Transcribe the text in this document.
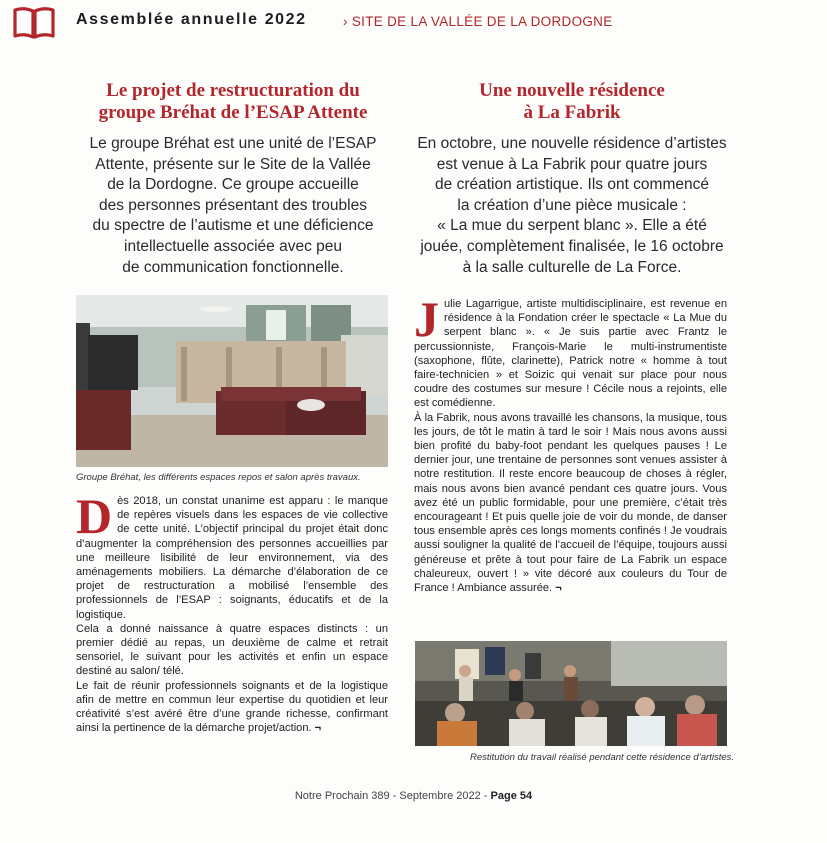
Assemblée annuelle 2022	› SITE DE LA VALLÉE DE LA DORDOGNE
Le projet de restructuration du
groupe Bréhat de l’ESAP Attente
Le groupe Bréhat est une unité de l’ESAP
Attente, présente sur le Site de la Vallée
de la Dordogne. Ce groupe accueille
des personnes présentant des troubles
du spectre de l’autisme et une déficience
intellectuelle associée avec peu
de communication fonctionnelle.
Une nouvelle résidence
à La Fabrik
En octobre, une nouvelle résidence d’artistes
est venue à La Fabrik pour quatre jours
de création artistique. Ils ont commencé
la création d’une pièce musicale :
« La mue du serpent blanc ». Elle a été
jouée, complètement finalisée, le 16 octobre
à la salle culturelle de La Force.
Groupe Bréhat, les différents espaces repos et salon après travaux.

Dès 2018, un constat unanime est apparu : le manque de repères visuels dans les espaces de vie collective de cette unité. L’objectif principal du projet était donc d’augmenter la compréhension des personnes accueillies par une meilleure lisibilité de leur environnement, via des aménagements mobiliers. La démarche d’élaboration de ce projet de restructuration a mobilisé l’ensemble des professionnels de l’ESAP : soignants, éducatifs et de la logistique.

Cela a donné naissance à quatre espaces distincts : un premier dédié au repas, un deuxième de calme et retrait sensoriel, le suivant pour les activités et enfin un espace destiné au salon/ télé.

Le fait de réunir professionnels soignants et de la logistique afin de mettre en commun leur expertise du quotidien et leur créativité s’est avéré être d’une grande richesse, confirmant ainsi la pertinence de la démarche projet/action. ¬

Julie Lagarrigue, artiste multidisciplinaire, est revenue en résidence à la Fondation créer le spectacle « La Mue du serpent blanc ». « Je suis partie avec Frantz le percussionniste, François-Marie le multi-instrumentiste (saxophone, flûte, clarinette), Patrick notre « homme à tout faire-technicien » et Soizic qui venait sur place pour nous coudre des costumes sur mesure ! Cécile nous a rejoints, elle est comédienne.

À la Fabrik, nous avons travaillé les chansons, la musique, tous les jours, de tôt le matin à tard le soir ! Mais nous avons aussi bien profité du baby-foot pendant les quelques pauses ! Le dernier jour, une trentaine de personnes sont venues assister à notre restitution. Il reste encore beaucoup de choses à régler, mais nous avons bien avancé pendant ces quatre jours. Vous avez été un public formidable, pour une première, c’était très encourageant ! Et puis quelle joie de voir du monde, de danser tous ensemble après ces longs moments confinés ! Je voudrais aussi souligner la qualité de l’accueil de l’équipe, toujours aussi généreuse et prête à tout pour faire de La Fabrik un espace chaleureux, ouvert ! » vite décoré aux couleurs du Tour de France ! Ambiance assurée. ¬

Restitution du travail réalisé pendant cette résidence d’artistes.
Notre Prochain 389 - Septembre 2022 - Page 54
